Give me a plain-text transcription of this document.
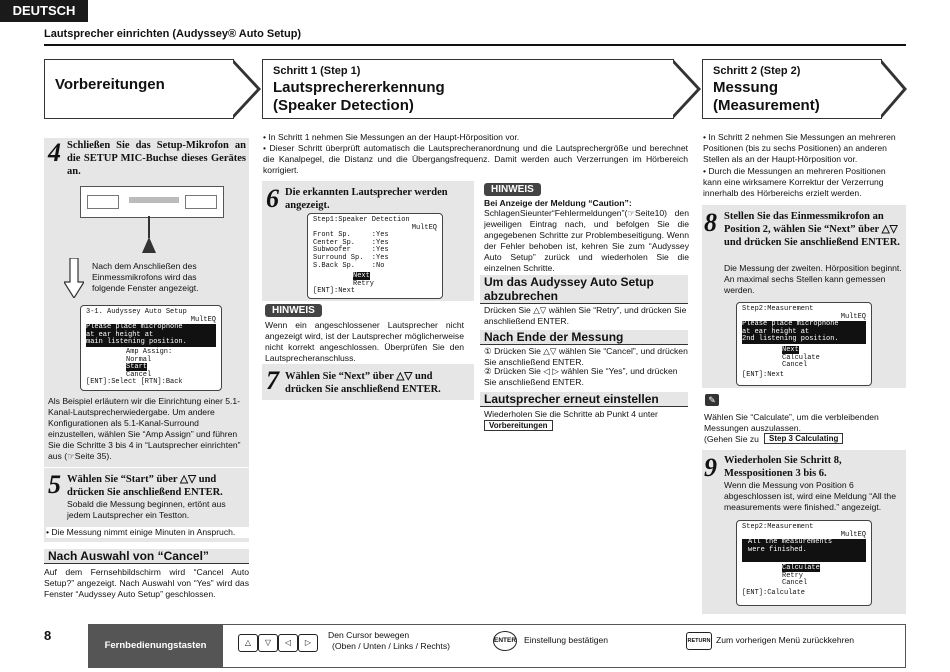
DEUTSCH
Lautsprecher einrichten (Audyssey® Auto Setup)
Vorbereitungen
Schritt 1 (Step 1)
Lautsprechererkennung
(Speaker Detection)
Schritt 2 (Step 2)
Messung (Measurement)
4 Schließen Sie das Setup-Mikrofon an die SETUP MIC-Buchse dieses Gerätes an.
Nach dem Anschließen des Einmessmikrofons wird das folgende Fenster angezeigt.
3-1. Audyssey Auto Setup
MultEQ
Please place microphone
at ear height at
main listening position.
Amp Assign:
Normal
Start
Cancel
[ENT]:Select [RTN]:Back
Als Beispiel erläutern wir die Einrichtung einer 5.1-Kanal-Lautsprecherwiedergabe. Um andere Konfigurationen als 5.1-Kanal-Surround einzustellen, wählen Sie “Amp Assign” und führen Sie die Schritte 3 bis 4 in “Lautsprecher einrichten” aus (☞Seite 35).
5 Wählen Sie “Start” über △▽ und drücken Sie anschließend ENTER.
Sobald die Messung beginnen, ertönt aus jedem Lautsprecher ein Testton.
• Die Messung nimmt einige Minuten in Anspruch.
Nach Auswahl von “Cancel”
Auf dem Fernsehbildschirm wird “Cancel Auto Setup?” angezeigt. Nach Auswahl von “Yes” wird das Fenster “Audyssey Auto Setup” geschlossen.
• In Schritt 1 nehmen Sie Messungen an der Haupt-Hörposition vor.
• Dieser Schritt überprüft automatisch die Lautsprecheranordnung und die Lautsprechergröße und berechnet die Kanalpegel, die Distanz und die Übergangsfrequenz. Damit werden auch Verzerrungen im Hörbereich korrigiert.
6 Die erkannten Lautsprecher werden angezeigt.
Step1:Speaker Detection
MultEQ
Front Sp.     :Yes
Center Sp.    :Yes
Subwoofer     :Yes
Surround Sp.  :Yes
S.Back Sp.    :No
Next
Retry
[ENT]:Next
HINWEIS
Wenn ein angeschlossener Lautsprecher nicht angezeigt wird, ist der Lautsprecher möglicherweise nicht korrekt angeschlossen. Überprüfen Sie den Lautsprecheranschluss.
7 Wählen Sie “Next” über △▽ und drücken Sie anschließend ENTER.
HINWEIS
Bei Anzeige der Meldung “Caution”:
SchlagenSieunter“Fehlermeldungen”(☞Seite10) den jeweiligen Eintrag nach, und befolgen Sie die angegebenen Schritte zur Problembeseitigung. Wenn der Fehler behoben ist, kehren Sie zum “Audyssey Auto Setup” zurück und wiederholen Sie die einzelnen Schritte.
Um das Audyssey Auto Setup abzubrechen
Drücken Sie △▽ wählen Sie “Retry”, und drücken Sie anschließend ENTER.
Nach Ende der Messung
① Drücken Sie △▽ wählen Sie “Cancel”, und drücken Sie anschließend ENTER.
② Drücken Sie ◁ ▷ wählen Sie “Yes”, und drücken Sie anschließend ENTER.
Lautsprecher erneut einstellen
Wiederholen Sie die Schritte ab Punkt 4 unter
Vorbereitungen
• In Schritt 2 nehmen Sie Messungen an mehreren Positionen (bis zu sechs Positionen) an anderen Stellen als an der Haupt-Hörposition vor.
• Durch die Messungen an mehreren Positionen kann eine wirksamere Korrektur der Verzerrung innerhalb des Hörbereichs erzielt werden.
8 Stellen Sie das Einmessmikrofon an Position 2, wählen Sie “Next” über △▽ und drücken Sie anschließend ENTER.
Die Messung der zweiten. Hörposition beginnt. An maximal sechs Stellen kann gemessen werden.
Step2:Measurement
MultEQ
Please place microphone
at ear height at
2nd listening position.
Next
Calculate
Cancel
[ENT]:Next
✎
Wählen Sie “Calculate”, um die verbleibenden Messungen auszulassen.
(Gehen Sie zu	Step 3 Calculating
9 Wiederholen Sie Schritt 8, Messpositionen 3 bis 6.
Wenn die Messung von Position 6 abgeschlossen ist, wird eine Meldung “All the measurements were finished.” angezeigt.
Step2:Measurement
MultEQ
All the measurements
were finished.

Calculate
Retry
Cancel
[ENT]:Calculate
8
Fernbedienungstasten	△ ▽ ◁ ▷
Den Cursor bewegen
(Oben / Unten / Links / Rechts)
ENTER Einstellung bestätigen	RETURN Zum vorherigen Menü zurückkehren
